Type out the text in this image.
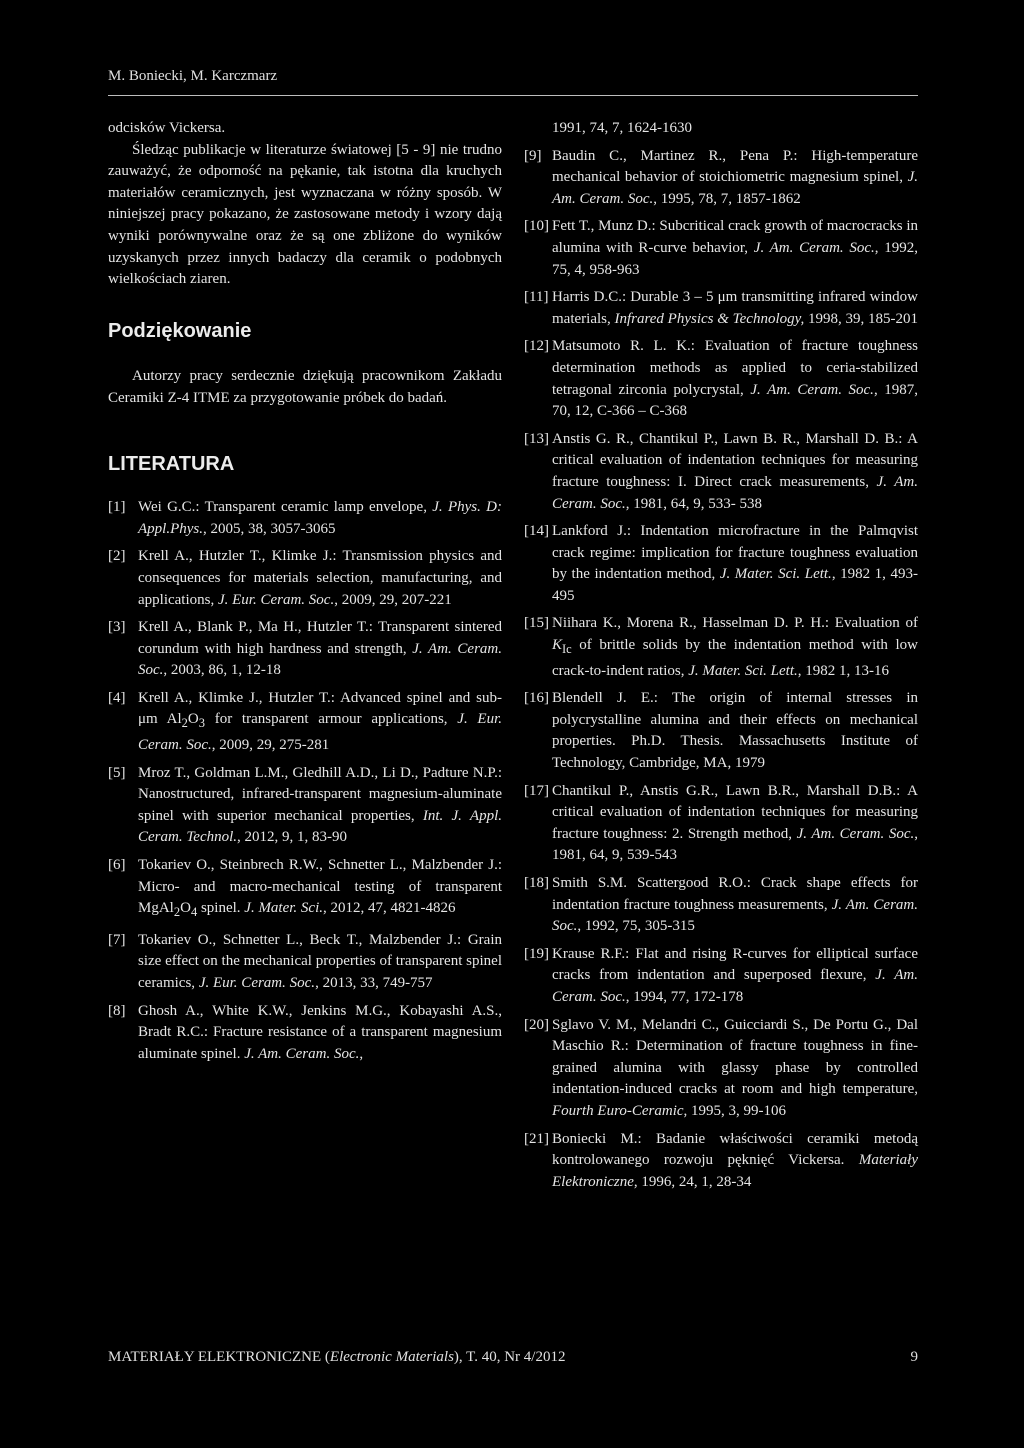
M. Boniecki, M. Karczmarz

odcisków Vickersa.

Śledząc publikacje w literaturze światowej [5 - 9] nie trudno zauważyć, że odporność na pękanie, tak istotna dla kruchych materiałów ceramicznych, jest wyznaczana w różny sposób. W niniejszej pracy pokazano, że zastosowane metody i wzory dają wyniki porównywalne oraz że są one zbliżone do wyników uzyskanych przez innych badaczy dla ceramik o podobnych wielkościach ziaren.

Podziękowanie

Autorzy pracy serdecznie dziękują pracownikom Zakładu Ceramiki Z-4 ITME za przygotowanie próbek do badań.

LITERATURA
[1] Wei G.C.: Transparent ceramic lamp envelope, J. Phys. D: Appl.Phys., 2005, 38, 3057-3065
[2] Krell A., Hutzler T., Klimke J.: Transmission physics and consequences for materials selection, manufacturing, and applications, J. Eur. Ceram. Soc., 2009, 29, 207-221
[3] Krell A., Blank P., Ma H., Hutzler T.: Transparent sintered corundum with high hardness and strength, J. Am. Ceram. Soc., 2003, 86, 1, 12-18
[4] Krell A., Klimke J., Hutzler T.: Advanced spinel and sub-μm $Al_2O_3$ for transparent armour applications, J. Eur. Ceram. Soc., 2009, 29, 275-281
[5] Mroz T., Goldman L.M., Gledhill A.D., Li D., Padture N.P.: Nanostructured, infrared-transparent magnesium-aluminate spinel with superior mechanical properties, Int. J. Appl. Ceram. Technol., 2012, 9, 1, 83-90
[6] Tokariev O., Steinbrech R.W., Schnetter L., Malzbender J.: Micro- and macro-mechanical testing of transparent $MgAl_2O_4$ spinel. J. Mater. Sci., 2012, 47, 4821-4826
[7] Tokariev O., Schnetter L., Beck T., Malzbender J.: Grain size effect on the mechanical properties of transparent spinel ceramics, J. Eur. Ceram. Soc., 2013, 33, 749-757
[8] Ghosh A., White K.W., Jenkins M.G., Kobayashi A.S., Bradt R.C.: Fracture resistance of a transparent magnesium aluminate spinel. J. Am. Ceram. Soc.,
1991, 74, 7, 1624-1630
[9] Baudin C., Martinez R., Pena P.: High-temperature mechanical behavior of stoichiometric magnesium spinel, J. Am. Ceram. Soc., 1995, 78, 7, 1857-1862
[10] Fett T., Munz D.: Subcritical crack growth of macrocracks in alumina with R-curve behavior, J. Am. Ceram. Soc., 1992, 75, 4, 958-963
[11] Harris D.C.: Durable 3 – 5 μm transmitting infrared window materials, Infrared Physics & Technology, 1998, 39, 185-201
[12] Matsumoto R. L. K.: Evaluation of fracture toughness determination methods as applied to ceria-stabilized tetragonal zirconia polycrystal, J. Am. Ceram. Soc., 1987, 70, 12, C-366 – C-368
[13] Anstis G. R., Chantikul P., Lawn B. R., Marshall D. B.: A critical evaluation of indentation techniques for measuring fracture toughness: I. Direct crack measurements, J. Am. Ceram. Soc., 1981, 64, 9, 533- 538
[14] Lankford J.: Indentation microfracture in the Palmqvist crack regime: implication for fracture toughness evaluation by the indentation method, J. Mater. Sci. Lett., 1982 1, 493-495
[15] Niihara K., Morena R., Hasselman D. P. H.: Evaluation of $K_{Ic}$ of brittle solids by the indentation method with low crack-to-indent ratios, J. Mater. Sci. Lett., 1982 1, 13-16
[16] Blendell J. E.: The origin of internal stresses in polycrystalline alumina and their effects on mechanical properties. Ph.D. Thesis. Massachusetts Institute of Technology, Cambridge, MA, 1979
[17] Chantikul P., Anstis G.R., Lawn B.R., Marshall D.B.: A critical evaluation of indentation techniques for measuring fracture toughness: 2. Strength method, J. Am. Ceram. Soc., 1981, 64, 9, 539-543
[18] Smith S.M. Scattergood R.O.: Crack shape effects for indentation fracture toughness measurements, J. Am. Ceram. Soc., 1992, 75, 305-315
[19] Krause R.F.: Flat and rising R-curves for elliptical surface cracks from indentation and superposed flexure, J. Am. Ceram. Soc., 1994, 77, 172-178
[20] Sglavo V. M., Melandri C., Guicciardi S., De Portu G., Dal Maschio R.: Determination of fracture toughness in fine-grained alumina with glassy phase by controlled indentation-induced cracks at room and high temperature, Fourth Euro-Ceramic, 1995, 3, 99-106
[21] Boniecki M.: Badanie właściwości ceramiki metodą kontrolowanego rozwoju pęknięć Vickersa. Materiały Elektroniczne, 1996, 24, 1, 28-34
MATERIAŁY ELEKTRONICZNE (Electronic Materials), T. 40, Nr 4/2012	9
